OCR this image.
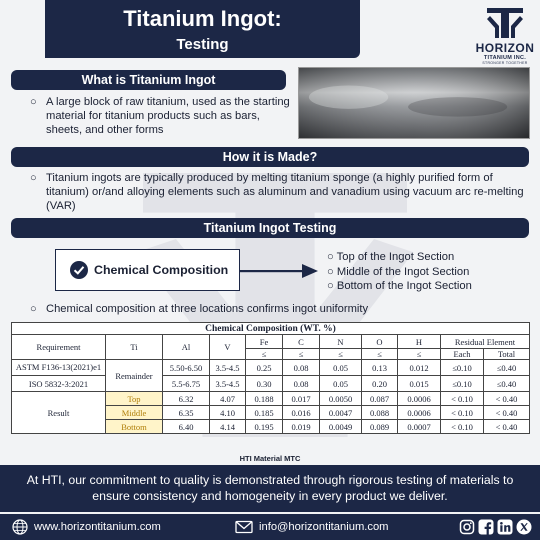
Titanium Ingot:
Testing	HORIZON
TITANIUM INC.
STRONGER TOGETHER
What is Titanium Ingot
○ A large block of raw titanium, used as the starting material for titanium products such as bars, sheets, and other forms
How it is Made?
○ Titanium ingots are typically produced by melting titanium sponge (a highly purified form of titanium) or/and alloying elements such as aluminum and vanadium using vacuum arc re-melting (VAR)
Titanium Ingot Testing
Chemical Composition
○ Top of the Ingot Section
○ Middle of the Ingot Section
○ Bottom of the Ingot Section
○ Chemical composition at three locations confirms ingot uniformity
Chemical Composition (WT. %)										
Requirement	Ti	Al	V	Fe	C	N	O	H	Residual Element	
				≤	≤	≤	≤	≤	Each	Total
ASTM F136-13(2021)e1	Remainder	5.50-6.50	3.5-4.5	0.25	0.08	0.05	0.13	0.012	≤0.10	≤0.40
ISO 5832-3:2021		5.5-6.75	3.5-4.5	0.30	0.08	0.05	0.20	0.015	≤0.10	≤0.40
Result	Top	6.32	4.07	0.188	0.017	0.0050	0.087	0.0006	< 0.10	< 0.40
	Middle	6.35	4.10	0.185	0.016	0.0047	0.088	0.0006	< 0.10	< 0.40
	Bottom	6.40	4.14	0.195	0.019	0.0049	0.089	0.0007	< 0.10	< 0.40
HTI Material MTC
At HTI, our commitment to quality is demonstrated through rigorous testing of materials to ensure consistency and homogeneity in every product we deliver.
www.horizontitanium.com	info@horizontitanium.com
